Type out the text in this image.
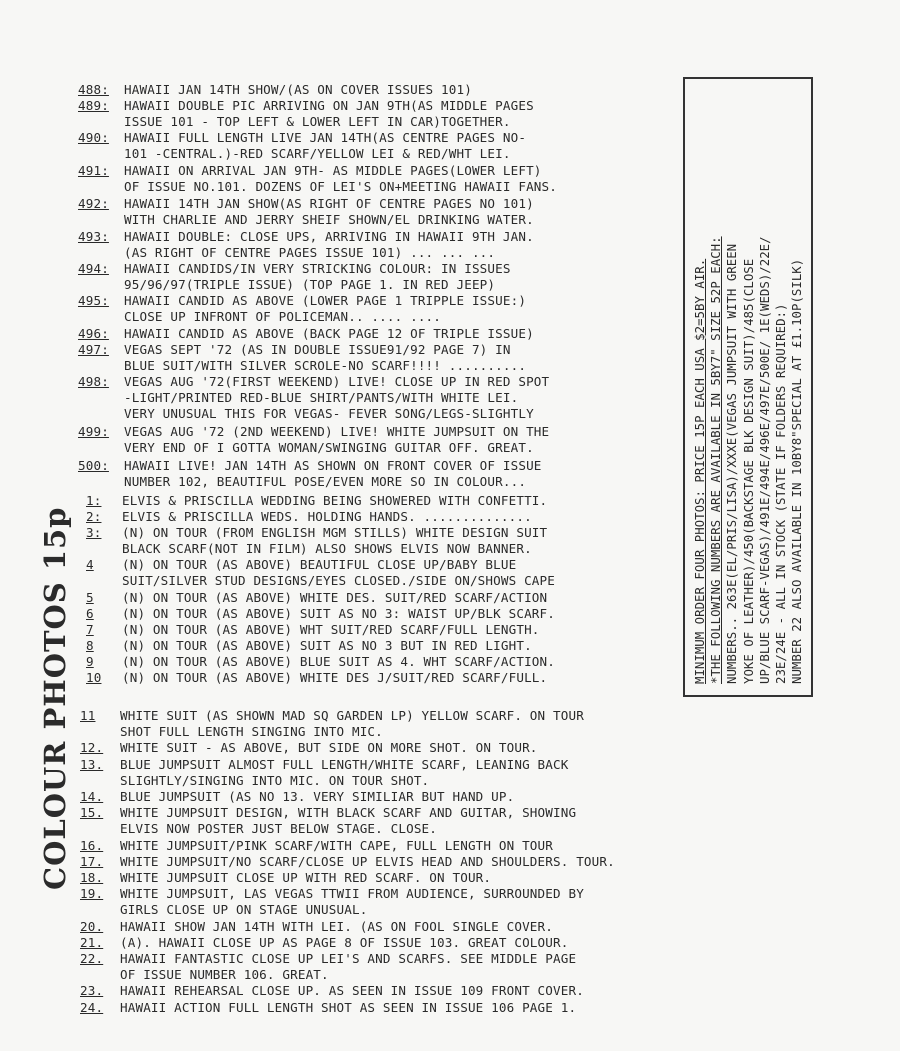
COLOUR PHOTOS 15p
MINIMUM ORDER FOUR PHOTOS: PRICE 15P EACH USA $2=5BY AIR. *THE FOLLOWING NUMBERS ARE AVAILABLE IN 5BY7" SIZE 52P EACH: NUMBERS.. 263E(EL/PRIS/LISA)/XXXE(VEGAS JUMPSUIT WITH GREEN YOKE OF LEATHER)/450(BACKSTAGE BLK DESIGN SUIT)/485(CLOSE UP/BLUE SCARF-VEGAS)/491E/494E/496E/497E/500E/ 1E(WEDS)/22E/ 23E/24E - ALL IN STOCK (STATE IF FOLDERS REQUIRED:) NUMBER 22 ALSO AVAILABLE IN 10BY8"SPECIAL AT £1.10P(SILK)
488: HAWAII JAN 14TH SHOW/(AS ON COVER ISSUES 101)
489: HAWAII DOUBLE PIC ARRIVING ON JAN 9TH(AS MIDDLE PAGES
ISSUE 101 - TOP LEFT & LOWER LEFT IN CAR)TOGETHER.
490: HAWAII FULL LENGTH LIVE JAN 14TH(AS CENTRE PAGES NO-
101 -CENTRAL.)-RED SCARF/YELLOW LEI & RED/WHT LEI.
491: HAWAII ON ARRIVAL JAN 9TH- AS MIDDLE PAGES(LOWER LEFT)
OF ISSUE NO.101. DOZENS OF LEI'S ON+MEETING HAWAII FANS.
492: HAWAII 14TH JAN SHOW(AS RIGHT OF CENTRE PAGES NO 101)
WITH CHARLIE AND JERRY SHEIF SHOWN/EL DRINKING WATER.
493: HAWAII DOUBLE: CLOSE UPS, ARRIVING IN HAWAII 9TH JAN.
(AS RIGHT OF CENTRE PAGES ISSUE 101) ... ... ...
494: HAWAII CANDIDS/IN VERY STRICKING COLOUR: IN ISSUES
95/96/97(TRIPLE ISSUE) (TOP PAGE 1. IN RED JEEP)
495: HAWAII CANDID AS ABOVE (LOWER PAGE 1 TRIPPLE ISSUE:)
CLOSE UP INFRONT OF POLICEMAN.. .... ....
496: HAWAII CANDID AS ABOVE (BACK PAGE 12 OF TRIPLE ISSUE)
497: VEGAS SEPT '72 (AS IN DOUBLE ISSUE91/92 PAGE 7) IN
BLUE SUIT/WITH SILVER SCROLE-NO SCARF!!!! ..........
498: VEGAS AUG '72(FIRST WEEKEND) LIVE! CLOSE UP IN RED SPOT
-LIGHT/PRINTED RED-BLUE SHIRT/PANTS/WITH WHITE LEI.
VERY UNUSUAL THIS FOR VEGAS- FEVER SONG/LEGS-SLIGHTLY
499: VEGAS AUG '72 (2ND WEEKEND) LIVE! WHITE JUMPSUIT ON THE
VERY END OF I GOTTA WOMAN/SWINGING GUITAR OFF. GREAT.
500: HAWAII LIVE! JAN 14TH AS SHOWN ON FRONT COVER OF ISSUE
NUMBER 102, BEAUTIFUL POSE/EVEN MORE SO IN COLOUR...
1: ELVIS & PRISCILLA WEDDING BEING SHOWERED WITH CONFETTI.
2: ELVIS & PRISCILLA WEDS. HOLDING HANDS. ..............
3: (N) ON TOUR (FROM ENGLISH MGM STILLS) WHITE DESIGN SUIT
BLACK SCARF(NOT IN FILM) ALSO SHOWS ELVIS NOW BANNER.
4 (N) ON TOUR (AS ABOVE) BEAUTIFUL CLOSE UP/BABY BLUE
SUIT/SILVER STUD DESIGNS/EYES CLOSED./SIDE ON/SHOWS CAPE
5 (N) ON TOUR (AS ABOVE) WHITE DES. SUIT/RED SCARF/ACTION
6 (N) ON TOUR (AS ABOVE) SUIT AS NO 3: WAIST UP/BLK SCARF.
7 (N) ON TOUR (AS ABOVE) WHT SUIT/RED SCARF/FULL LENGTH.
8 (N) ON TOUR (AS ABOVE) SUIT AS NO 3 BUT IN RED LIGHT.
9 (N) ON TOUR (AS ABOVE) BLUE SUIT AS 4. WHT SCARF/ACTION.
10 (N) ON TOUR (AS ABOVE) WHITE DES J/SUIT/RED SCARF/FULL.
11 WHITE SUIT (AS SHOWN MAD SQ GARDEN LP) YELLOW SCARF. ON TOUR
SHOT FULL LENGTH SINGING INTO MIC.
12. WHITE SUIT - AS ABOVE, BUT SIDE ON MORE SHOT. ON TOUR.
13. BLUE JUMPSUIT ALMOST FULL LENGTH/WHITE SCARF, LEANING BACK
SLIGHTLY/SINGING INTO MIC. ON TOUR SHOT.
14. BLUE JUMPSUIT (AS NO 13. VERY SIMILIAR BUT HAND UP.
15. WHITE JUMPSUIT DESIGN, WITH BLACK SCARF AND GUITAR, SHOWING
ELVIS NOW POSTER JUST BELOW STAGE. CLOSE.
16. WHITE JUMPSUIT/PINK SCARF/WITH CAPE, FULL LENGTH ON TOUR
17. WHITE JUMPSUIT/NO SCARF/CLOSE UP ELVIS HEAD AND SHOULDERS. TOUR.
18. WHITE JUMPSUIT CLOSE UP WITH RED SCARF. ON TOUR.
19. WHITE JUMPSUIT, LAS VEGAS TTWII FROM AUDIENCE, SURROUNDED BY
GIRLS CLOSE UP ON STAGE UNUSUAL.
20. HAWAII SHOW JAN 14TH WITH LEI. (AS ON FOOL SINGLE COVER.
21. (A). HAWAII CLOSE UP AS PAGE 8 OF ISSUE 103. GREAT COLOUR.
22. HAWAII FANTASTIC CLOSE UP LEI'S AND SCARFS. SEE MIDDLE PAGE
OF ISSUE NUMBER 106. GREAT.
23. HAWAII REHEARSAL CLOSE UP. AS SEEN IN ISSUE 109 FRONT COVER.
24. HAWAII ACTION FULL LENGTH SHOT AS SEEN IN ISSUE 106 PAGE 1.
